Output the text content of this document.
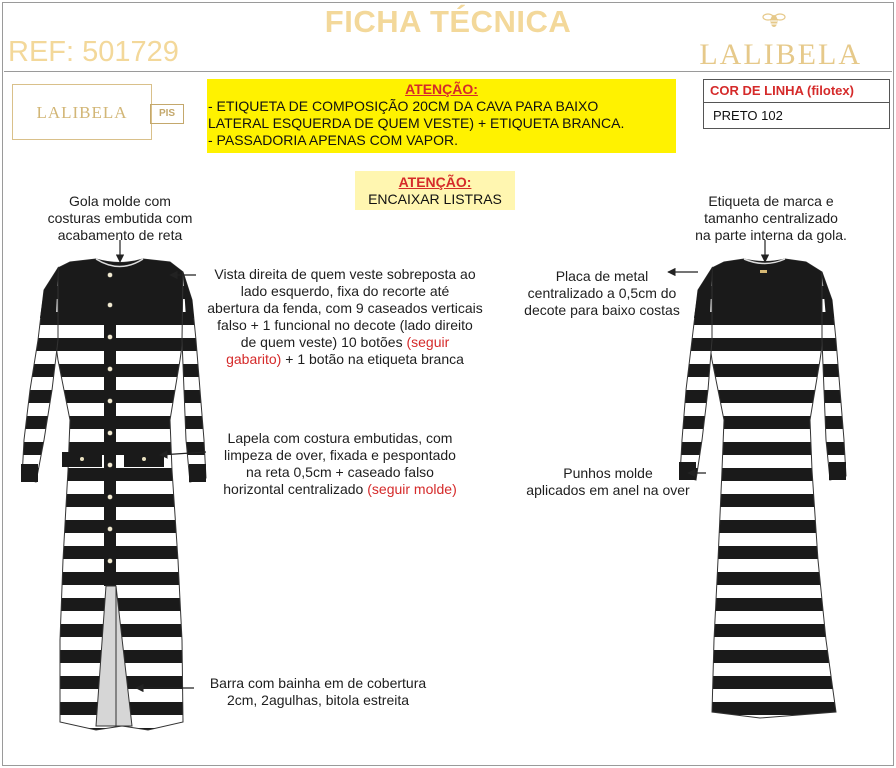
FICHA TÉCNICA
REF: 501729	LALIBELA
LALIBELA	PIS
ATENÇÃO:
- ETIQUETA DE COMPOSIÇÃO 20CM DA CAVA PARA BAIXO
LATERAL ESQUERDA DE QUEM VESTE) + ETIQUETA BRANCA.
- PASSADORIA APENAS COM VAPOR.
COR DE LINHA (filotex)
PRETO 102
ATENÇÃO:
ENCAIXAR LISTRAS
Gola molde com
costuras embutida com
acabamento de reta
Vista direita de quem veste sobreposta ao
lado esquerdo, fixa do recorte até
abertura da fenda, com 9 caseados verticais
falso + 1 funcional no decote (lado direito
de quem veste) 10 botões (seguir
gabarito) + 1 botão na etiqueta branca
Lapela com costura embutidas, com
limpeza de over, fixada e pespontado
na reta 0,5cm + caseado falso
horizontal centralizado (seguir molde)
Barra com bainha em de cobertura
2cm, 2agulhas, bitola estreita
Etiqueta de marca e
tamanho centralizado
na parte interna da gola.
Placa de metal
centralizado a 0,5cm do
decote para baixo costas
Punhos molde
aplicados em anel na over
